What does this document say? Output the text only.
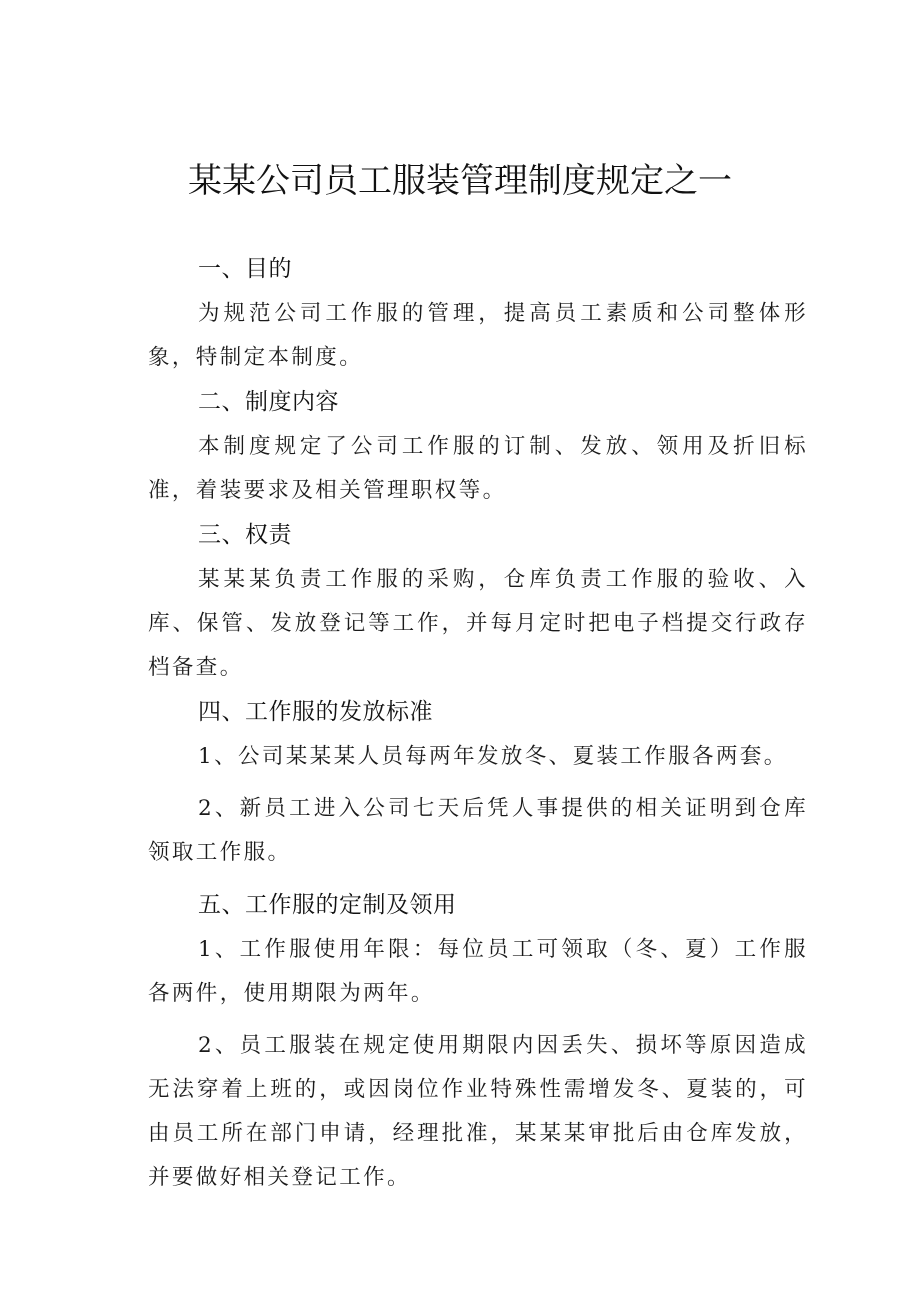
某某公司员工服装管理制度规定之一
一、目的

为规范公司工作服的管理，提高员工素质和公司整体形象，特制定本制度。

二、制度内容

本制度规定了公司工作服的订制、发放、领用及折旧标准，着装要求及相关管理职权等。

三、权责

某某某负责工作服的采购，仓库负责工作服的验收、入库、保管、发放登记等工作，并每月定时把电子档提交行政存档备查。

四、工作服的发放标准

1、公司某某某人员每两年发放冬、夏装工作服各两套。

2、新员工进入公司七天后凭人事提供的相关证明到仓库领取工作服。

五、工作服的定制及领用

1、工作服使用年限：每位员工可领取（冬、夏）工作服各两件，使用期限为两年。

2、员工服装在规定使用期限内因丢失、损坏等原因造成无法穿着上班的，或因岗位作业特殊性需增发冬、夏装的，可由员工所在部门申请，经理批准，某某某审批后由仓库发放，并要做好相关登记工作。
